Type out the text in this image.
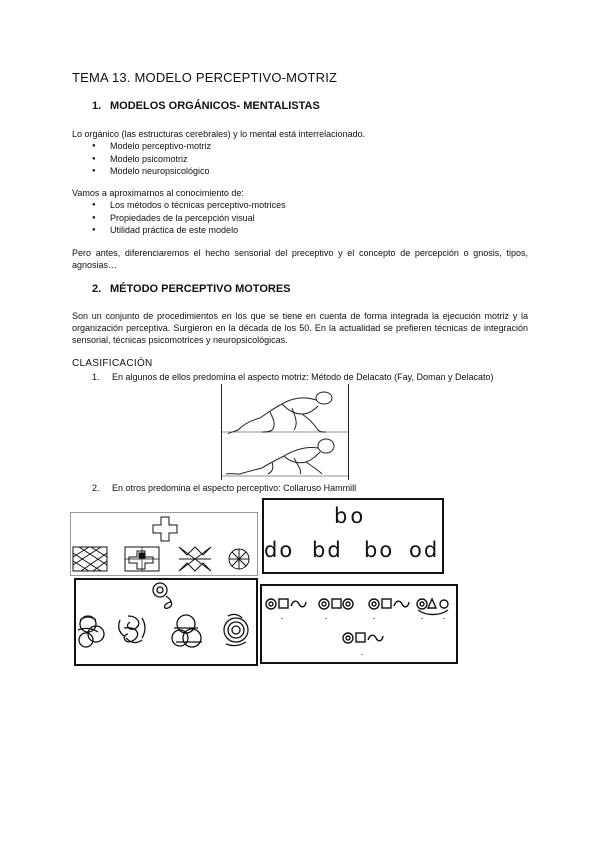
TEMA 13. MODELO PERCEPTIVO-MOTRIZ
1. MODELOS ORGÁNICOS- MENTALISTAS
Lo orgánico (las estructuras cerebrales) y lo mental está interrelacionado.
● Modelo perceptivo-motriz
● Modelo psicomotriz
● Modelo neuropsicológico
Vamos a aproximarnos al conocimiento de:
● Los métodos o técnicas perceptivo-motrices
● Propiedades de la percepción visual
● Utilidad práctica de este modelo
Pero antes, diferenciaremos el hecho sensorial del preceptivo y el concepto de percepción o gnosis, tipos, agnosias…
2. MÉTODO PERCEPTIVO MOTORES
Son un conjunto de procedimientos en los que se tiene en cuenta de forma integrada la ejecución motriz y la organización perceptiva. Surgieron en la década de los 50. En la actualidad se prefieren técnicas de integración sensorial, técnicas psicomotrices y neuropsicológicas.
CLASIFICACIÓN
1. En algunos de ellos predomina el aspecto motriz: Método de Delacato (Fay, Doman y Delacato)
2. En otros predomina el aspecto perceptivo: Collaruso Hammill
bo
do bd bo od
